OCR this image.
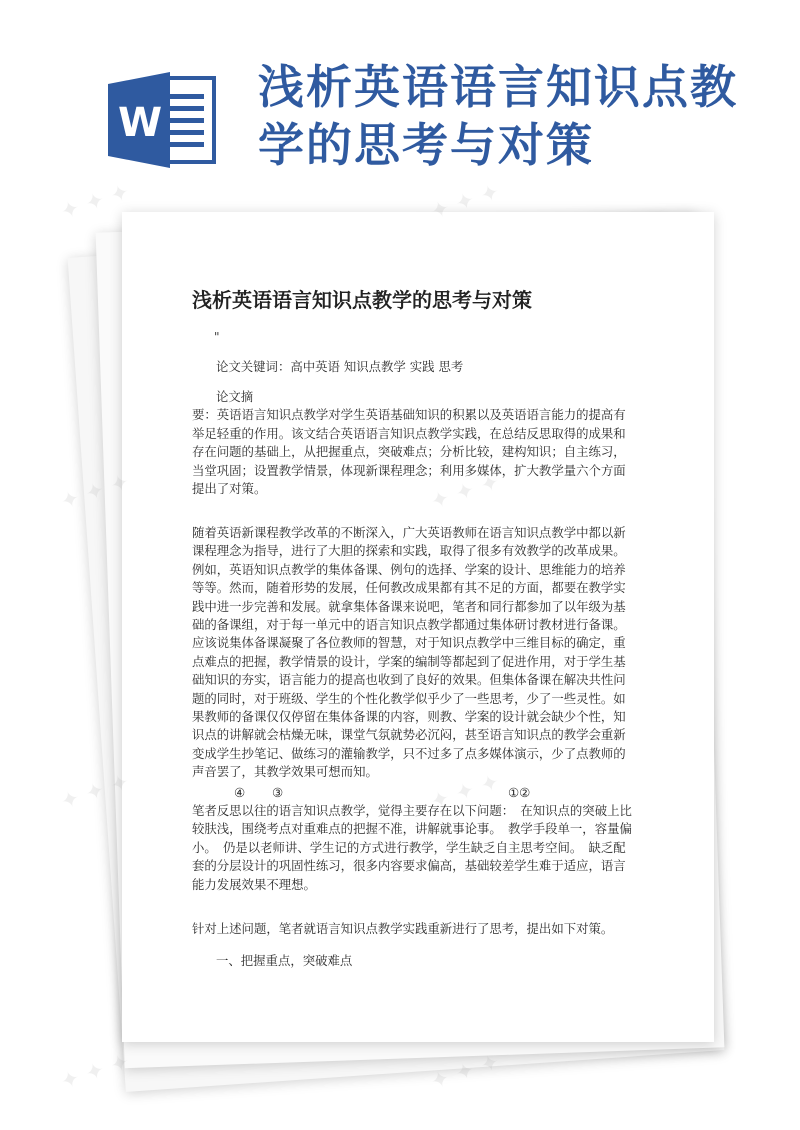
W
浅析英语语言知识点教学的思考与对策
浅析英语语言知识点教学的思考与对策
"
论文关键词：高中英语 知识点教学 实践 思考
论文摘
要：英语语言知识点教学对学生英语基础知识的积累以及英语语言能力的提高有举足轻重的作用。该文结合英语语言知识点教学实践，在总结反思取得的成果和存在问题的基础上，从把握重点，突破难点；分析比较，建构知识；自主练习，当堂巩固；设置教学情景，体现新课程理念；利用多媒体，扩大教学量六个方面提出了对策。
随着英语新课程教学改革的不断深入，广大英语教师在语言知识点教学中都以新课程理念为指导，进行了大胆的探索和实践，取得了很多有效教学的改革成果。例如，英语知识点教学的集体备课、例句的选择、学案的设计、思维能力的培养等等。然而，随着形势的发展，任何教改成果都有其不足的方面，都要在教学实践中进一步完善和发展。就拿集体备课来说吧，笔者和同行都参加了以年级为基础的备课组，对于每一单元中的语言知识点教学都通过集体研讨教材进行备课。应该说集体备课凝聚了各位教师的智慧，对于知识点教学中三维目标的确定，重点难点的把握，教学情景的设计，学案的编制等都起到了促进作用，对于学生基础知识的夯实，语言能力的提高也收到了良好的效果。但集体备课在解决共性问题的同时，对于班级、学生的个性化教学似乎少了一些思考，少了一些灵性。如果教师的备课仅仅停留在集体备课的内容，则教、学案的设计就会缺少个性，知识点的讲解就会枯燥无味，课堂气氛就势必沉闷，甚至语言知识点的教学会重新变成学生抄笔记、做练习的灌输教学，只不过多了点多媒体演示，少了点教师的声音罢了，其教学效果可想而知。
④ ③	①②
笔者反思以往的语言知识点教学，觉得主要存在以下问题：　在知识点的突破上比较肤浅，围绕考点对重难点的把握不准，讲解就事论事。　教学手段单一，容量偏小。　仍是以老师讲、学生记的方式进行教学，学生缺乏自主思考空间。　缺乏配套的分层设计的巩固性练习，很多内容要求偏高，基础较差学生难于适应，语言能力发展效果不理想。
针对上述问题，笔者就语言知识点教学实践重新进行了思考，提出如下对策。
一、把握重点，突破难点
✦ ✦ ✦	✦ ✦ ✦
✦
✦ ✦ ✦
✦ ✦ ✦	✦ ✦ ✦
